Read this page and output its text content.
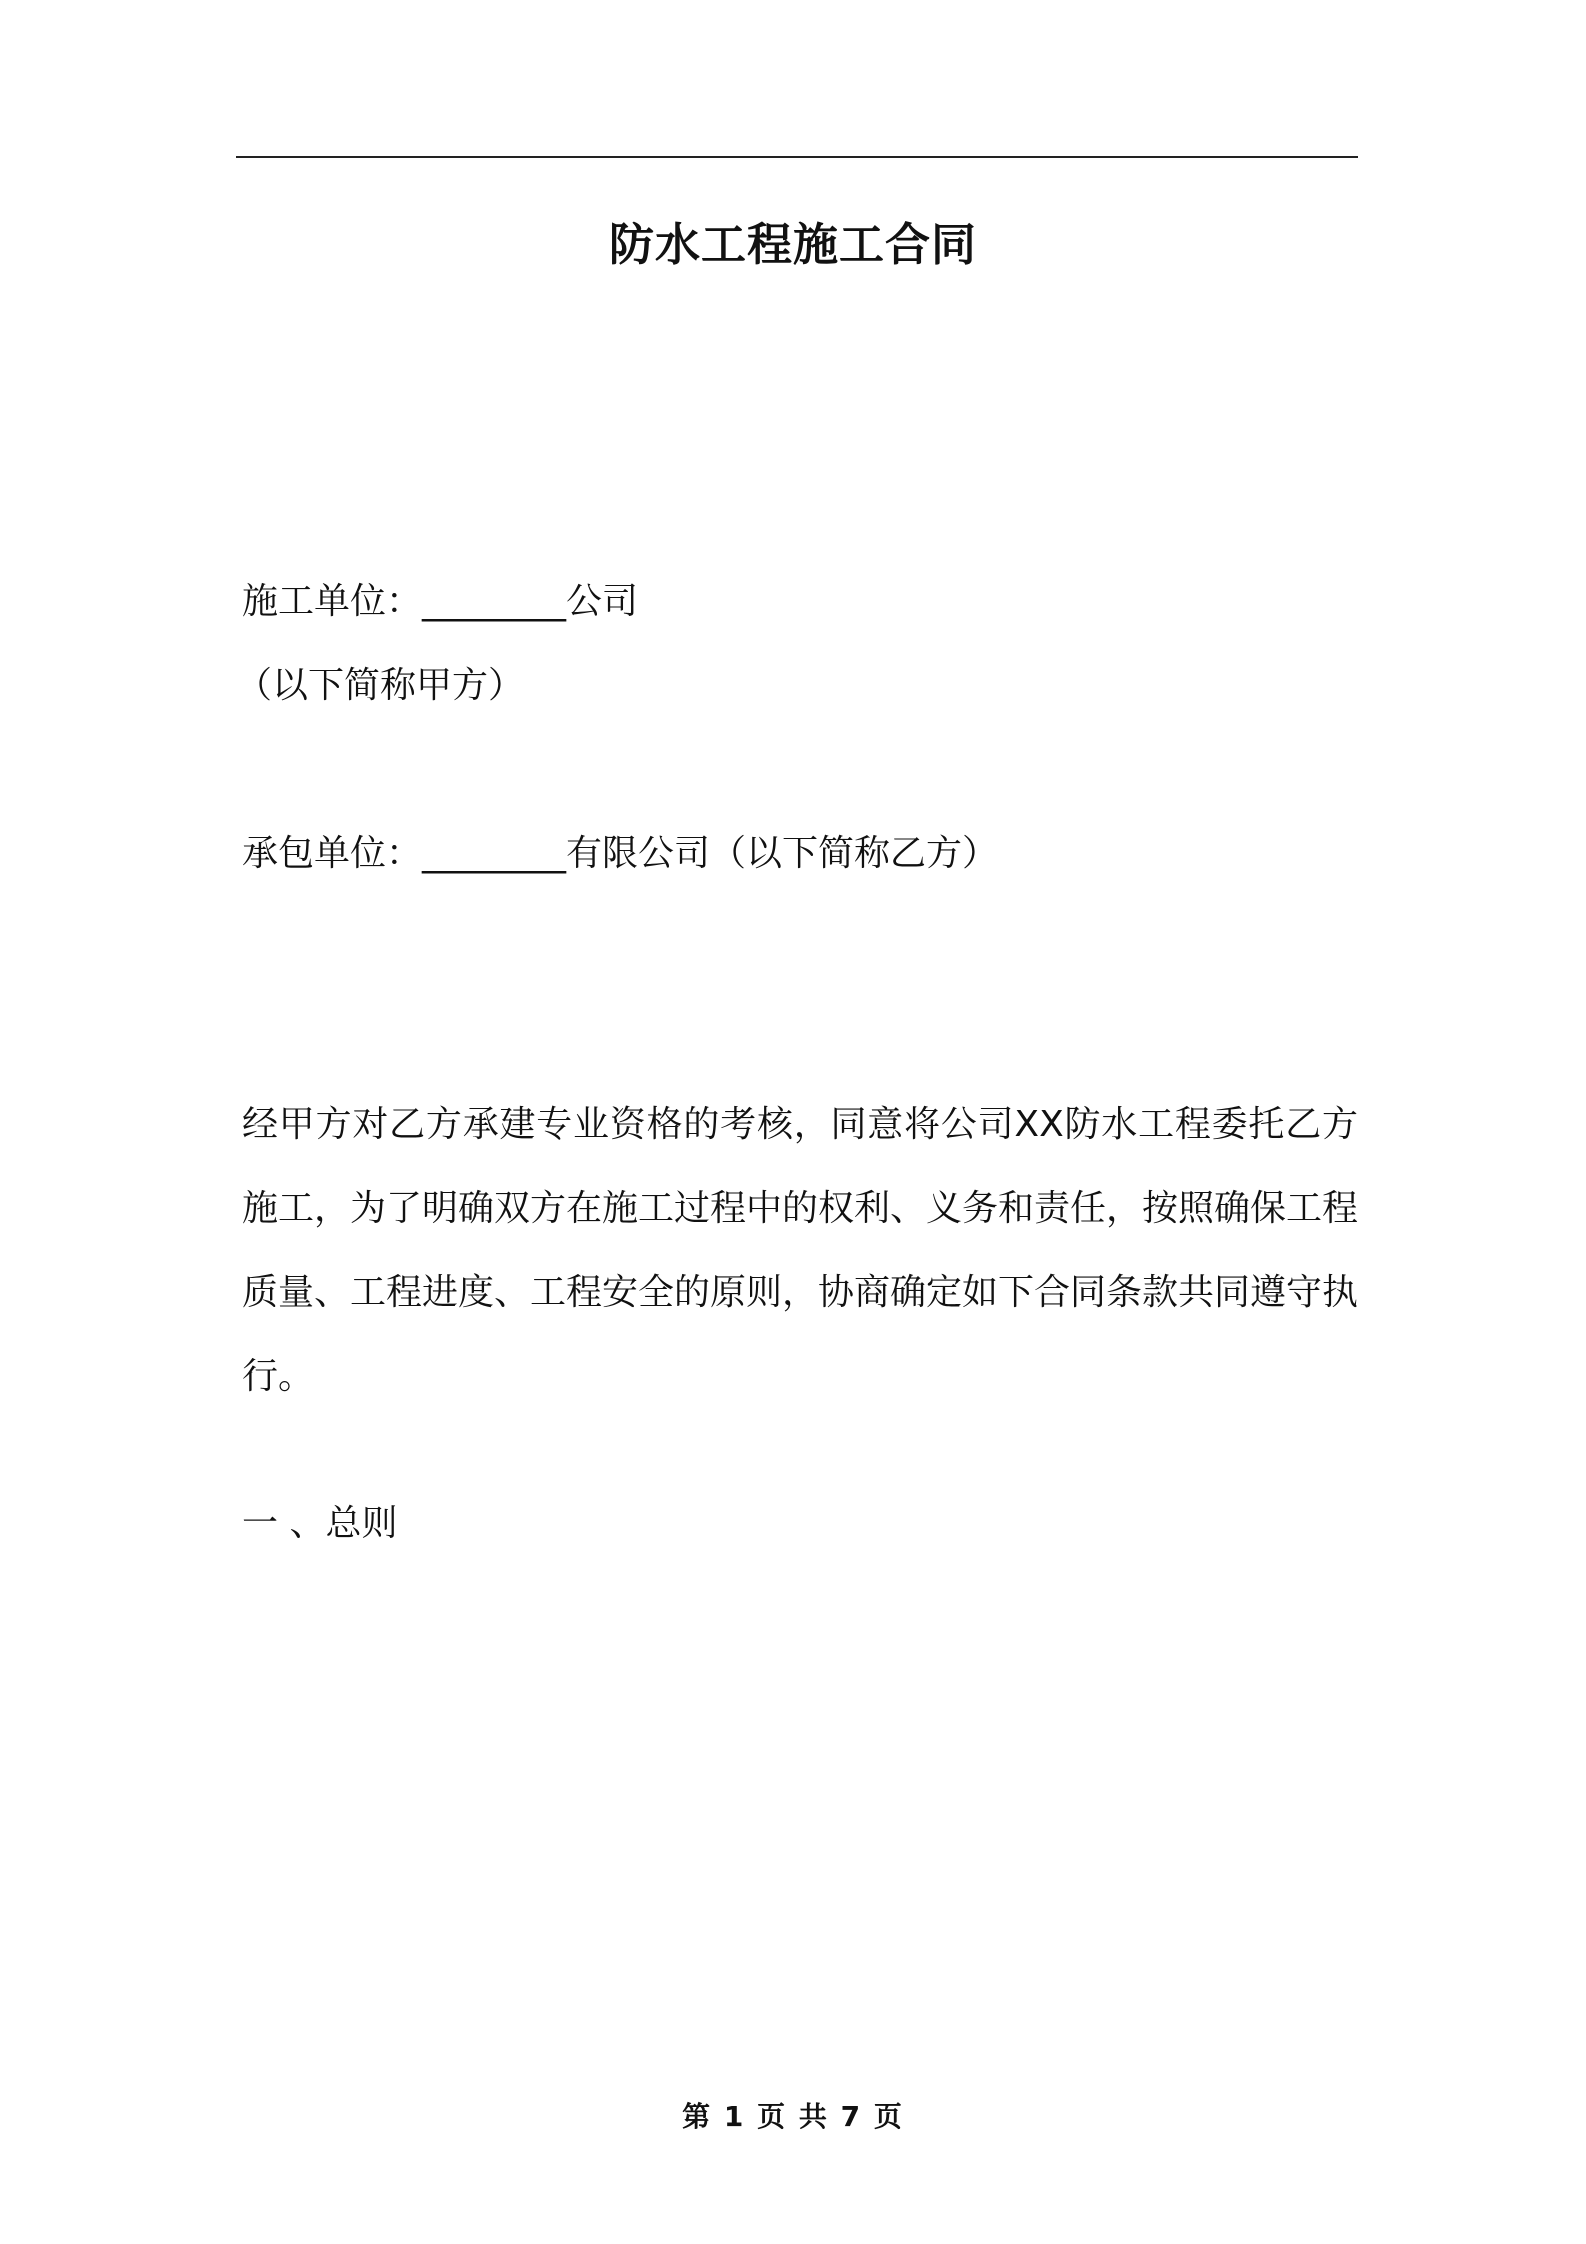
防水工程施工合同
施工单位：________公司
（以下简称甲方）
承包单位：________有限公司（以下简称乙方）
经甲方对乙方承建专业资格的考核，同意将公司XX防水工程委托乙方施工，为了明确双方在施工过程中的权利、义务和责任，按照确保工程质量、工程进度、工程安全的原则，协商确定如下合同条款共同遵守执行。
一 、总则
第 1 页 共 7 页
